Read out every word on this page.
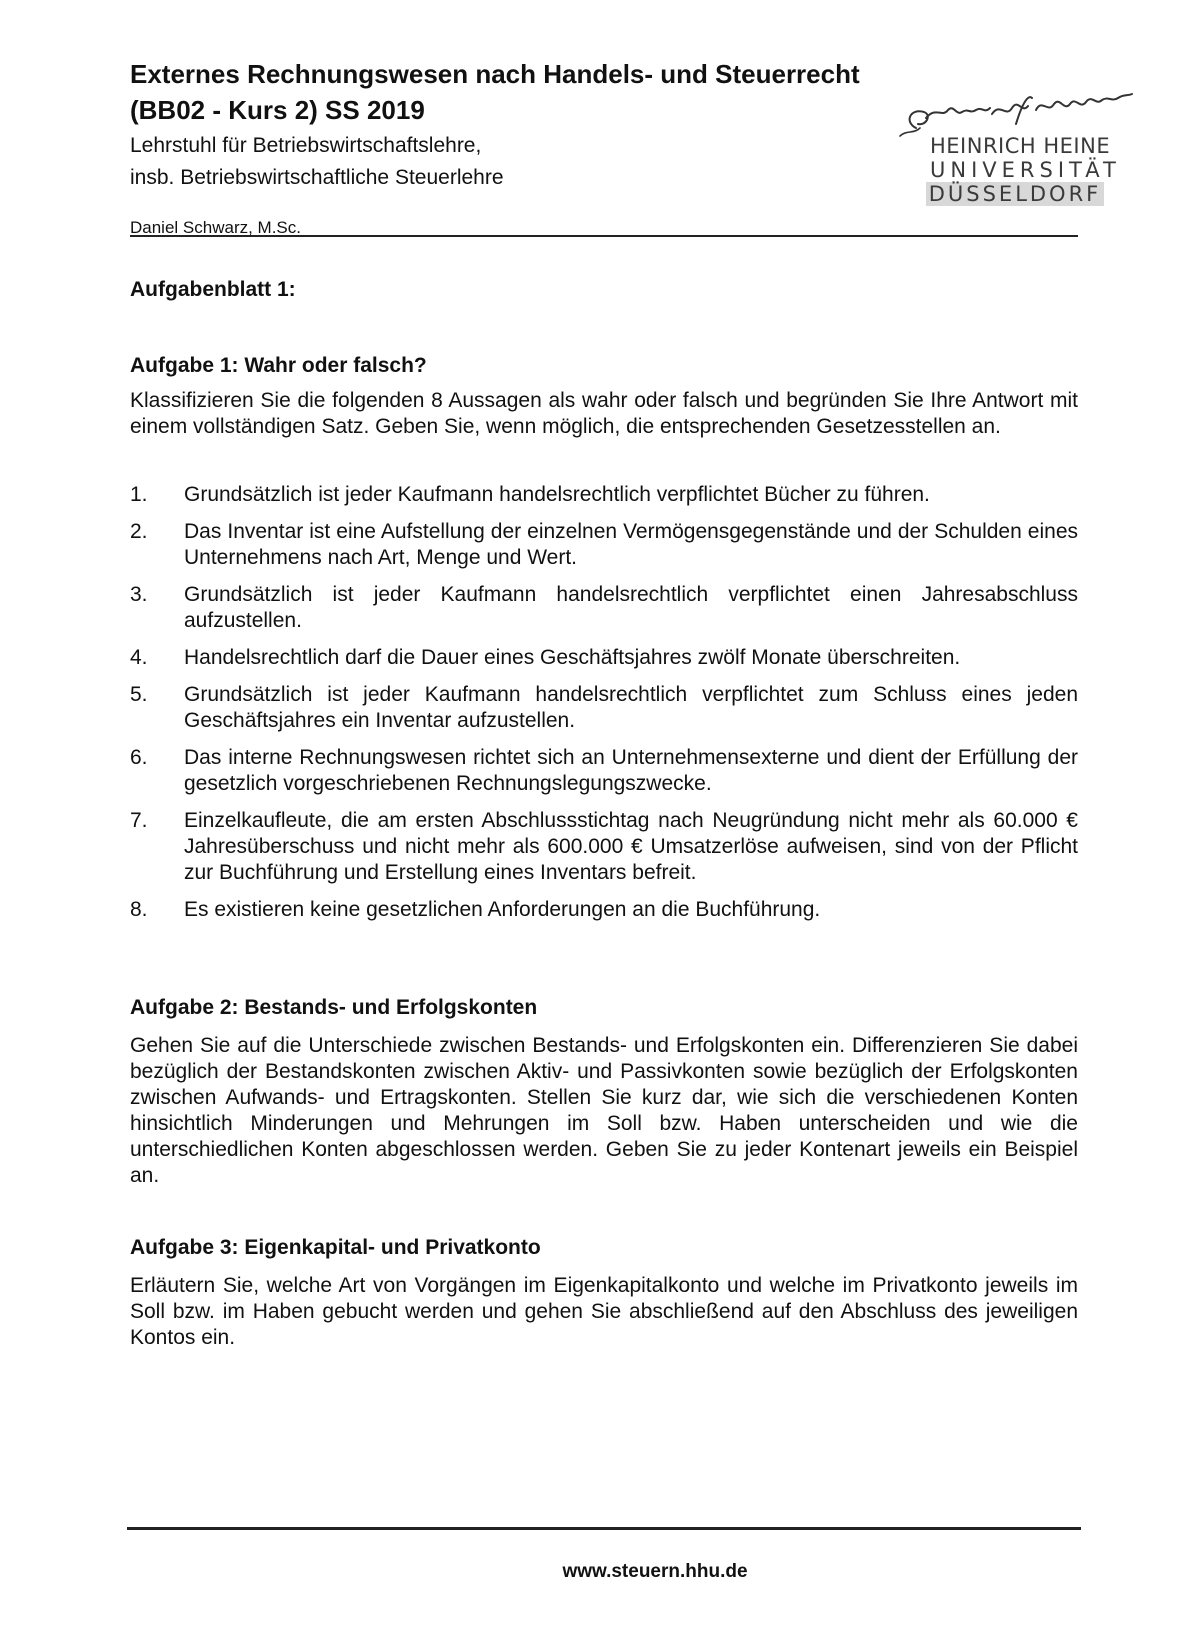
Externes Rechnungswesen nach Handels- und Steuerrecht
(BB02 - Kurs 2) SS 2019
Lehrstuhl für Betriebswirtschaftslehre,
insb. Betriebswirtschaftliche Steuerlehre
HEINRICH HEINE
UNIVERSITÄT
DÜSSELDORF
Daniel Schwarz, M.Sc.
Aufgabenblatt 1:
Aufgabe 1: Wahr oder falsch?
Klassifizieren Sie die folgenden 8 Aussagen als wahr oder falsch und begründen Sie Ihre Antwort mit einem vollständigen Satz. Geben Sie, wenn möglich, die entsprechenden Gesetzesstellen an.
1.	Grundsätzlich ist jeder Kaufmann handelsrechtlich verpflichtet Bücher zu führen.
2.	Das Inventar ist eine Aufstellung der einzelnen Vermögensgegenstände und der Schulden eines Unternehmens nach Art, Menge und Wert.
3.	Grundsätzlich ist jeder Kaufmann handelsrechtlich verpflichtet einen Jahresabschluss aufzustellen.
4.	Handelsrechtlich darf die Dauer eines Geschäftsjahres zwölf Monate überschreiten.
5.	Grundsätzlich ist jeder Kaufmann handelsrechtlich verpflichtet zum Schluss eines jeden Geschäftsjahres ein Inventar aufzustellen.
6.	Das interne Rechnungswesen richtet sich an Unternehmensexterne und dient der Erfüllung der gesetzlich vorgeschriebenen Rechnungslegungszwecke.
7.	Einzelkaufleute, die am ersten Abschlussstichtag nach Neugründung nicht mehr als 60.000 € Jahresüberschuss und nicht mehr als 600.000 € Umsatzerlöse aufweisen, sind von der Pflicht zur Buchführung und Erstellung eines Inventars befreit.
8.	Es existieren keine gesetzlichen Anforderungen an die Buchführung.
Aufgabe 2: Bestands- und Erfolgskonten
Gehen Sie auf die Unterschiede zwischen Bestands- und Erfolgskonten ein. Differenzieren Sie dabei bezüglich der Bestandskonten zwischen Aktiv- und Passivkonten sowie bezüglich der Erfolgskonten zwischen Aufwands- und Ertragskonten. Stellen Sie kurz dar, wie sich die verschiedenen Konten hinsichtlich Minderungen und Mehrungen im Soll bzw. Haben unterscheiden und wie die unterschiedlichen Konten abgeschlossen werden. Geben Sie zu jeder Kontenart jeweils ein Beispiel an.
Aufgabe 3: Eigenkapital- und Privatkonto
Erläutern Sie, welche Art von Vorgängen im Eigenkapitalkonto und welche im Privatkonto jeweils im Soll bzw. im Haben gebucht werden und gehen Sie abschließend auf den Abschluss des jeweiligen Kontos ein.
www.steuern.hhu.de
